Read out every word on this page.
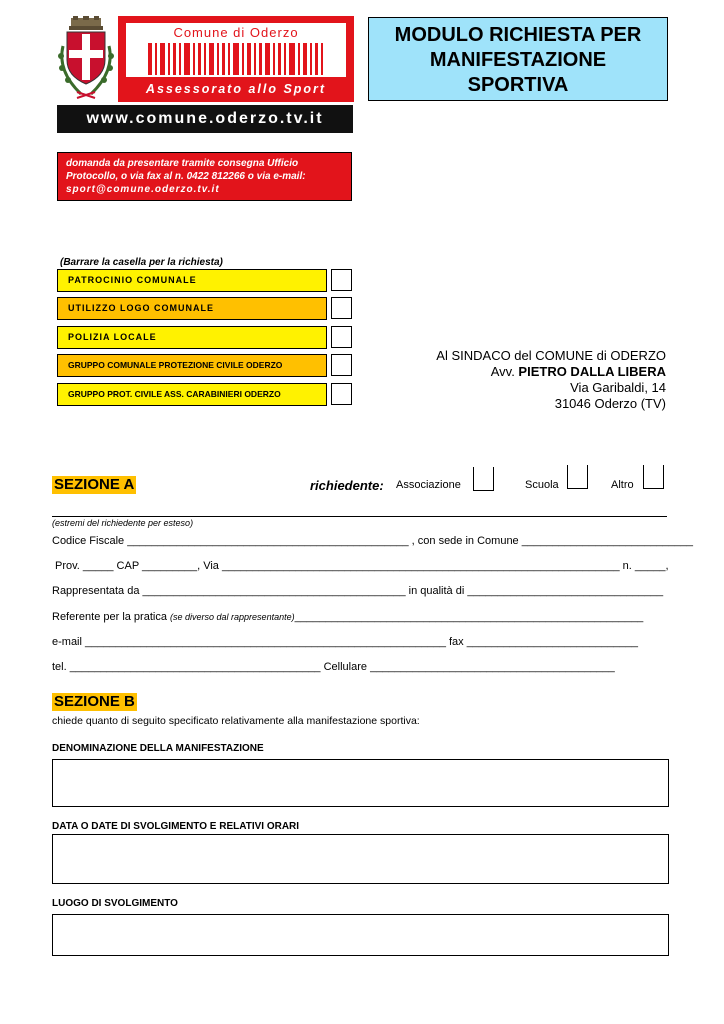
Comune di Oderzo
Assessorato allo Sport
www.comune.oderzo.tv.it
MODULO RICHIESTA PER
MANIFESTAZIONE
SPORTIVA
domanda da presentare tramite consegna Ufficio
Protocollo, o via fax al n. 0422 812266 o via e-mail:
sport@comune.oderzo.tv.it
(Barrare la casella per la richiesta)
PATROCINIO COMUNALE
UTILIZZO LOGO COMUNALE
POLIZIA LOCALE
GRUPPO COMUNALE PROTEZIONE CIVILE ODERZO
GRUPPO PROT. CIVILE ASS. CARABINIERI ODERZO
Al SINDACO del COMUNE di ODERZO
Avv. PIETRO DALLA LIBERA
Via Garibaldi, 14
31046 Oderzo (TV)
SEZIONE A	richiedente: Associazione	Scuola	Altro
(estremi del richiedente per esteso)
Codice Fiscale ______________________________________________ , con sede in Comune ____________________________
Prov. _____ CAP _________, Via _________________________________________________________________ n. _____,
Rappresentata da ___________________________________________ in qualità di ________________________________
Referente per la pratica (se diverso dal rappresentante)_________________________________________________________
e-mail ___________________________________________________________ fax ____________________________
tel. _________________________________________ Cellulare ________________________________________
SEZIONE B
chiede quanto di seguito specificato relativamente alla manifestazione sportiva:
DENOMINAZIONE DELLA MANIFESTAZIONE
DATA O DATE DI SVOLGIMENTO E RELATIVI ORARI
LUOGO DI SVOLGIMENTO
